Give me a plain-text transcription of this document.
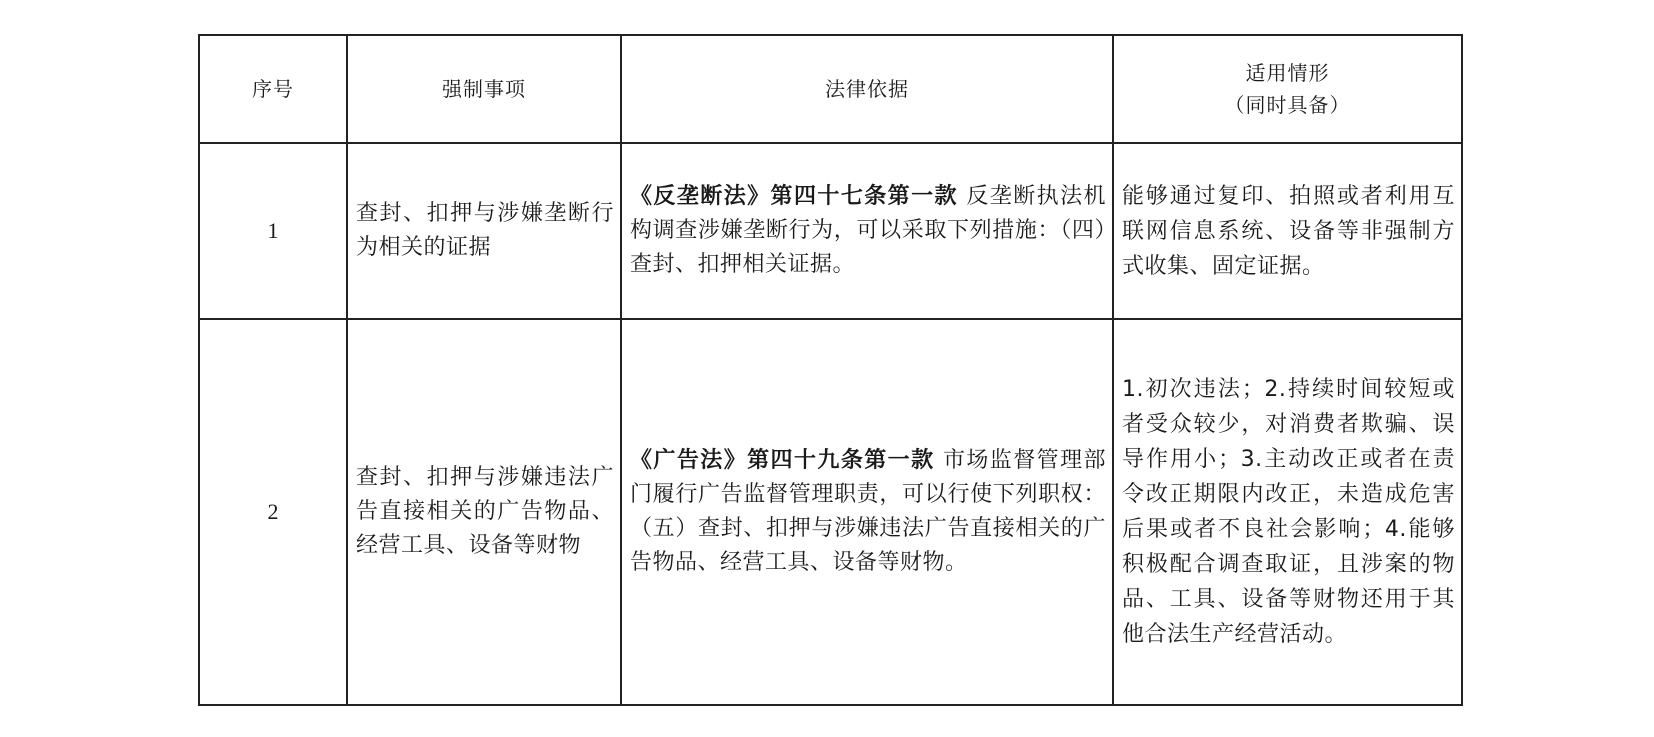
序号	强制事项	法律依据	适用情形
（同时具备）

1	查封、扣押与涉嫌垄断行为相关的证据	《反垄断法》第四十七条第一款 反垄断执法机构调查涉嫌垄断行为，可以采取下列措施：（四）查封、扣押相关证据。	能够通过复印、拍照或者利用互联网信息系统、设备等非强制方式收集、固定证据。

2	查封、扣押与涉嫌违法广告直接相关的广告物品、经营工具、设备等财物	《广告法》第四十九条第一款 市场监督管理部门履行广告监督管理职责，可以行使下列职权：（五）查封、扣押与涉嫌违法广告直接相关的广告物品、经营工具、设备等财物。	1.初次违法；2.持续时间较短或者受众较少，对消费者欺骗、误导作用小；3.主动改正或者在责令改正期限内改正，未造成危害后果或者不良社会影响；4.能够积极配合调查取证，且涉案的物品、工具、设备等财物还用于其他合法生产经营活动。
